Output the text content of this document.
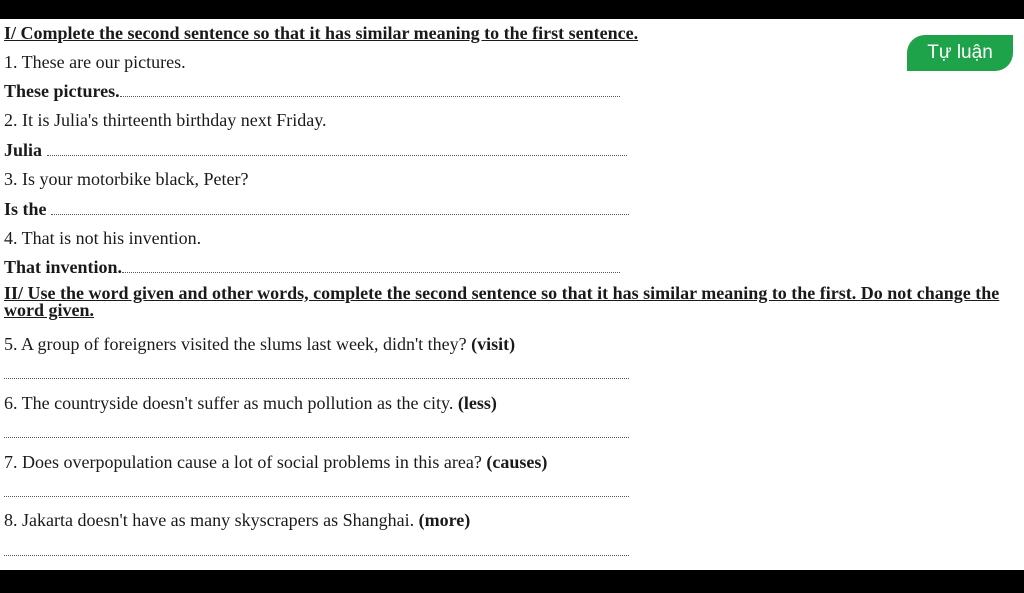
I/ Complete the second sentence so that it has similar meaning to the first sentence.
Tự luận
1. These are our pictures.
These pictures.
2. It is Julia's thirteenth birthday next Friday.
Julia
3. Is your motorbike black, Peter?
Is the
4. That is not his invention.
That invention.
II/ Use the word given and other words, complete the second sentence so that it has similar meaning to the first. Do not change the word given.
5. A group of foreigners visited the slums last week, didn't they? (visit)
6. The countryside doesn't suffer as much pollution as the city. (less)
7. Does overpopulation cause a lot of social problems in this area? (causes)
8. Jakarta doesn't have as many skyscrapers as Shanghai. (more)
